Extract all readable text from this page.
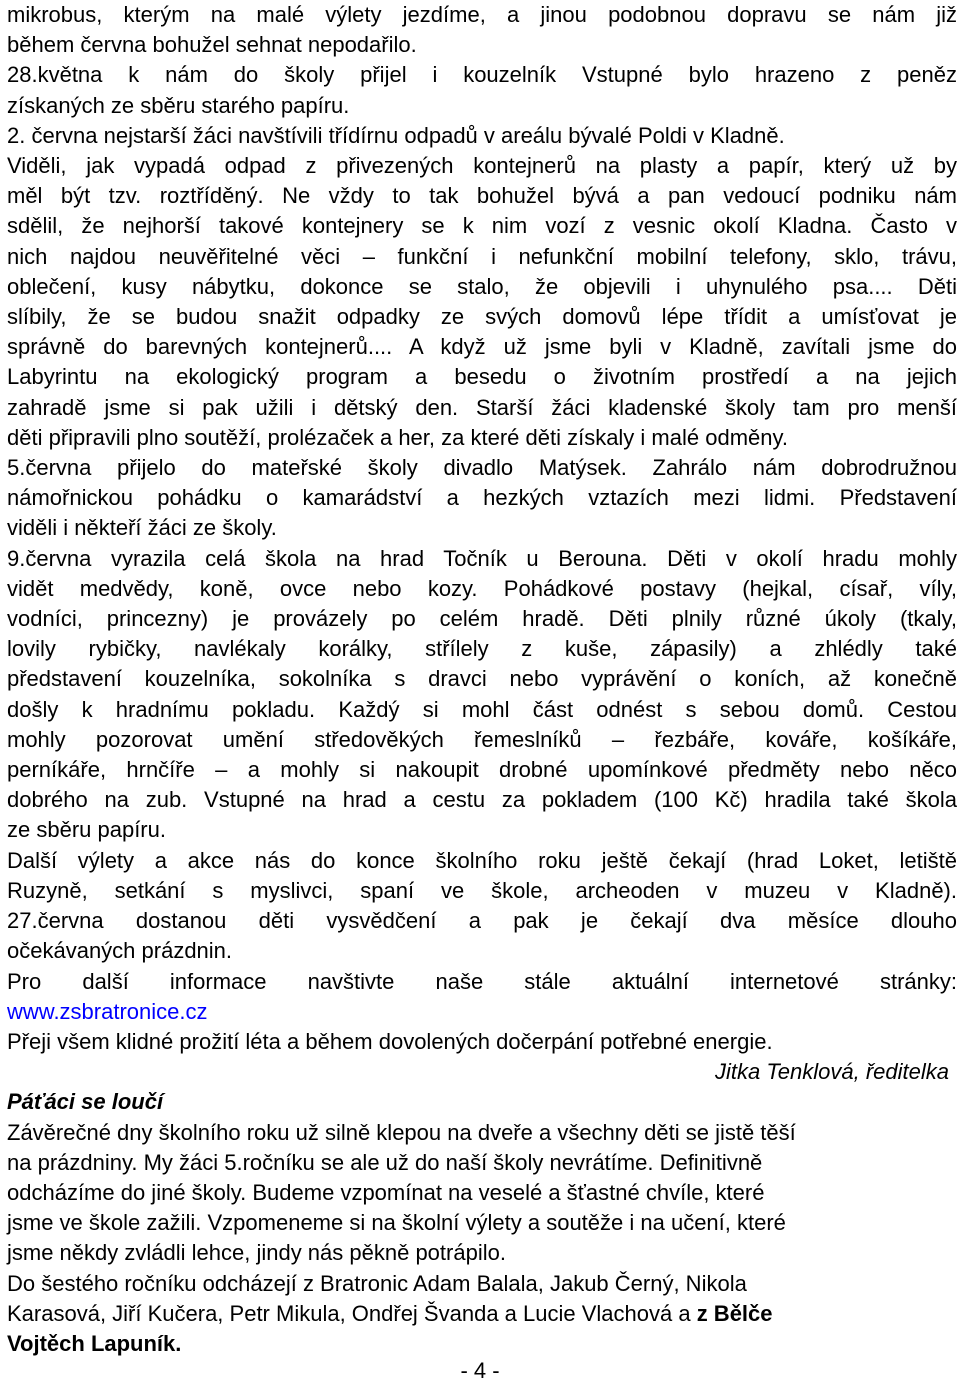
mikrobus, kterým na malé výlety jezdíme, a jinou podobnou dopravu se nám již
během června bohužel sehnat nepodařilo.
28.května k nám do školy přijel i kouzelník Vstupné bylo hrazeno z peněz
získaných ze sběru starého papíru.
2. června nejstarší žáci navštívili třídírnu odpadů v areálu bývalé Poldi v Kladně.
Viděli, jak vypadá odpad z přivezených kontejnerů na plasty a papír, který už by
měl být tzv. roztříděný. Ne vždy to tak bohužel bývá a pan vedoucí podniku nám
sdělil, že nejhorší takové kontejnery se k nim vozí z vesnic okolí Kladna. Často v
nich najdou neuvěřitelné věci – funkční i nefunkční mobilní telefony, sklo, trávu,
oblečení, kusy nábytku, dokonce se stalo, že objevili i uhynulého psa.... Děti
slíbily, že se budou snažit odpadky ze svých domovů lépe třídit a umísťovat je
správně do barevných kontejnerů.... A když už jsme byli v Kladně, zavítali jsme do
Labyrintu na ekologický program a besedu o životním prostředí a na jejich
zahradě jsme si pak užili i dětský den. Starší žáci kladenské školy tam pro menší
děti připravili plno soutěží, prolézaček a her, za které děti získaly i malé odměny.
5.června přijelo do mateřské školy divadlo Matýsek. Zahrálo nám dobrodružnou
námořnickou pohádku o kamarádství a hezkých vztazích mezi lidmi. Představení
viděli i někteří žáci ze školy.
9.června vyrazila celá škola na hrad Točník u Berouna. Děti v okolí hradu mohly
vidět medvědy, koně, ovce nebo kozy. Pohádkové postavy (hejkal, císař, víly,
vodníci, princezny) je provázely po celém hradě. Děti plnily různé úkoly (tkaly,
lovily rybičky, navlékaly korálky, střílely z kuše, zápasily) a zhlédly také
představení kouzelníka, sokolníka s dravci nebo vyprávění o koních, až konečně
došly k hradnímu pokladu. Každý si mohl část odnést s sebou domů. Cestou
mohly pozorovat umění středověkých řemeslníků – řezbáře, kováře, košíkáře,
perníkáře, hrnčíře – a mohly si nakoupit drobné upomínkové předměty nebo něco
dobrého na zub. Vstupné na hrad a cestu za pokladem (100 Kč) hradila také škola
ze sběru papíru.
Další výlety a akce nás do konce školního roku ještě čekají (hrad Loket, letiště
Ruzyně, setkání s myslivci, spaní ve škole, archeoden v muzeu v Kladně).
27.června dostanou děti vysvědčení a pak je čekají dva měsíce dlouho
očekávaných prázdnin.
Pro další informace navštivte naše stále aktuální internetové stránky:
www.zsbratronice.cz
Přeji všem klidné prožití léta a během dovolených dočerpání potřebné energie.
Jitka Tenklová, ředitelka
Páťáci se loučí
Závěrečné dny školního roku už silně klepou na dveře a všechny děti se jistě těší
na prázdniny. My žáci 5.ročníku se ale už do naší školy nevrátíme. Definitivně
odcházíme do jiné školy. Budeme vzpomínat na veselé a šťastné chvíle, které
jsme ve škole zažili. Vzpomeneme si na školní výlety a soutěže i na učení, které
jsme někdy zvládli lehce, jindy nás pěkně potrápilo.
Do šestého ročníku odcházejí z Bratronic Adam Balala, Jakub Černý, Nikola
Karasová, Jiří Kučera, Petr Mikula, Ondřej Švanda a Lucie Vlachová a z Bělče
Vojtěch Lapuník.
- 4 -
